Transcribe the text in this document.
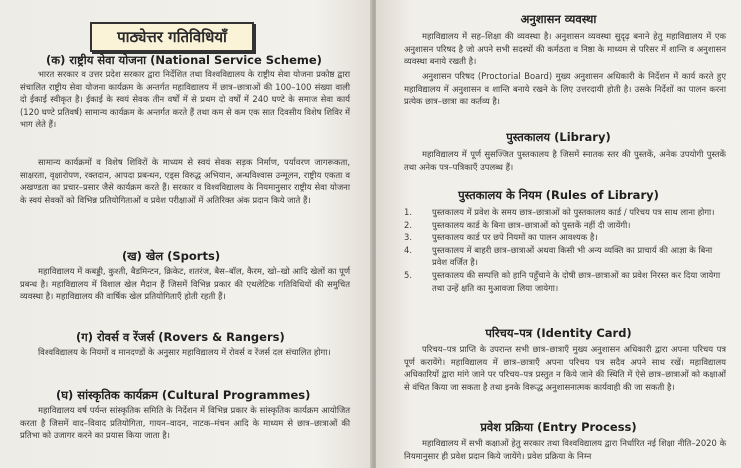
पाठ्येत्तर गतिविधियाँ
(क) राष्ट्रीय सेवा योजना (National Service Scheme)

भारत सरकार व उत्तर प्रदेश सरकार द्वारा निर्देशित तथा विश्वविद्यालय के राष्ट्रीय सेवा योजना प्रकोष्ठ द्वारा संचालित राष्ट्रीय सेवा योजना कार्यक्रम के अन्तर्गत महाविद्यालय में छात्र–छात्राओं की 100–100 संख्या वाली दो ईकाई स्वीकृत है। ईकाई के स्वयं सेवक तीन वर्षों में से प्रथम दो वर्षों में 240 घण्टे के समाज सेवा कार्य (120 घण्टे प्रतिवर्ष) सामान्य कार्यक्रम के अन्तर्गत करते हैं तथा कम से कम एक सात दिवसीय विशेष शिविर में भाग लेते हैं।

सामान्य कार्यक्रमों व विशेष शिविरों के माध्यम से स्वयं सेवक सड़क निर्माण, पर्यावरण जागरूकता, साक्षरता, वृक्षारोपण, रक्तदान, आपदा प्रबन्धन, एड्स विरुद्ध अभियान, अन्धविश्वास उन्मूलन, राष्ट्रीय एकता व अखण्डता का प्रचार–प्रसार जैसे कार्यक्रम करते हैं। सरकार व विश्वविद्यालय के नियमानुसार राष्ट्रीय सेवा योजना के स्वयं सेवकों को विभिन्न प्रतियोगिताओं व प्रवेश परीक्षाओं में अतिरिक्त अंक प्रदान किये जाते हैं।

(ख) खेल (Sports)

महाविद्यालय में कबड्डी, कुश्ती, बैडमिन्टन, क्रिकेट, शतरंज, बैस–बॉल, कैरम, खो–खो आदि खेलों का पूर्ण प्रबन्ध है। महाविद्यालय में विशाल खेल मैदान हैं जिसमें विभिन्न प्रकार की एथलेटिक गतिविधियों की समुचित व्यवस्था है। महाविद्यालय की वार्षिक खेल प्रतियोगिताएँ होती रहती हैं।

(ग) रोवर्स व रेंजर्स (Rovers & Rangers)

विश्वविद्यालय के नियमों व मानदण्डों के अनुसार महाविद्यालय में रोवर्स व रेंजर्स दल संचालित होगा।

(घ) सांस्कृतिक कार्यक्रम (Cultural Programmes)

महाविद्यालय वर्ष पर्यन्त सांस्कृतिक समिति के निर्देशन में विभिन्न प्रकार के सांस्कृतिक कार्यक्रम आयोजित करता है जिसमें वाद–विवाद प्रतियोगिता, गायन–वादन, नाटक–मंचन आदि के माध्यम से छात्र–छात्राओं की प्रतिभा को उजागर करने का प्रयास किया जाता है।

अनुशासन व्यवस्था

महाविद्यालय में सह–शिक्षा की व्यवस्था है। अनुशासन व्यवस्था सुदृढ़ बनाने हेतु महाविद्यालय में एक अनुशासन परिषद है जो अपने सभी सदस्यों की कर्मठता व निष्ठा के माध्यम से परिसर में शान्ति व अनुशासन व्यवस्था बनाये रखती है।

अनुशासन परिषद (Proctorial Board) मुख्य अनुशासन अधिकारी के निर्देशन में कार्य करते हुए महाविद्यालय में अनुशासन व शान्ति बनाये रखने के लिए उत्तरदायी होती है। उसके निर्देशों का पालन करना प्रत्येक छात्र–छात्रा का कर्तव्य है।

पुस्तकालय (Library)

महाविद्यालय में पूर्ण सुसज्जित पुस्तकालय है जिसमें स्नातक स्तर की पुस्तकें, अनेक उपयोगी पुस्तकें तथा अनेक पत्र–पत्रिकाएँ उपलब्ध हैं।

पुस्तकालय के नियम (Rules of Library)
1. पुस्तकालय में प्रवेश के समय छात्र–छात्राओं को पुस्तकालय कार्ड / परिचय पत्र साथ लाना होगा।
2. पुस्तकालय कार्ड के बिना छात्र–छात्राओं को पुस्तकें नहीं दी जायेंगी।
3. पुस्तकालय कार्ड पर छपे नियमों का पालन आवश्यक है।
4. पुस्तकालय में बाहरी छात्र–छात्राओं अथवा किसी भी अन्य व्यक्ति का प्राचार्य की आज्ञा के बिना प्रवेश वर्जित है।
5. पुस्तकालय की सम्पत्ति को हानि पहुँचाने के दोषी छात्र–छात्राओं का प्रवेश निरस्त कर दिया जायेगा तथा उन्हें क्षति का मुआवजा लिया जायेगा।
परिचय–पत्र (Identity Card)

परिचय–पत्र प्राप्ति के उपरान्त सभी छात्र–छात्राएँ मुख्य अनुशासन अधिकारी द्वारा अपना परिचय पत्र पूर्ण करायेंगे। महाविद्यालय में छात्र–छात्राएँ अपना परिचय पत्र सदैव अपने साथ रखें। महाविद्यालय अधिकारियों द्वारा मांगे जाने पर परिचय–पत्र प्रस्तुत न किये जाने की स्थिति में ऐसे छात्र–छात्राओं को कक्षाओं से वंचित किया जा सकता है तथा इनके विरूद्ध अनुशासनात्मक कार्यवाही की जा सकती है।

प्रवेश प्रक्रिया (Entry Process)

महाविद्यालय में सभी कक्षाओं हेतु सरकार तथा विश्वविद्यालय द्वारा निर्धारित नई शिक्षा नीति–2020 के नियमानुसार ही प्रवेश प्रदान किये जायेंगे। प्रवेश प्रक्रिया के निम्न
